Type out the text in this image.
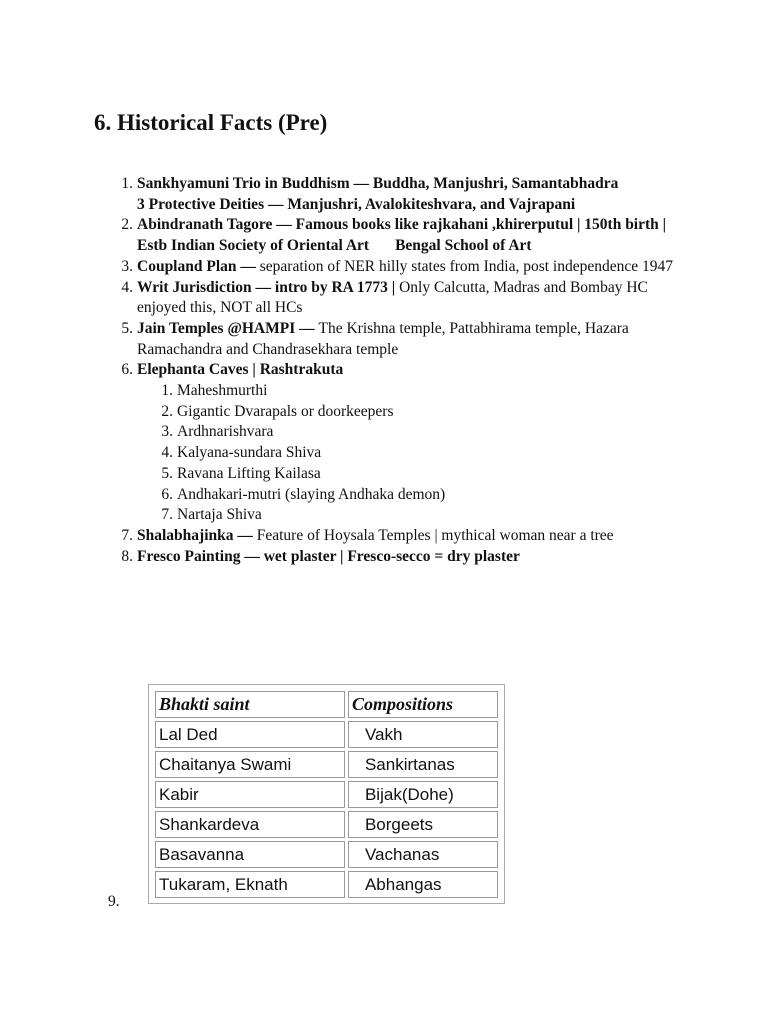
6. Historical Facts (Pre)
1. Sankhyamuni Trio in Buddhism — Buddha, Manjushri, Samantabhadra
3 Protective Deities — Manjushri, Avalokiteshvara, and Vajrapani
2. Abindranath Tagore — Famous books like rajkahani ,khirerputul | 150th birth |
Estb Indian Society of Oriental Art Bengal School of Art
3. Coupland Plan — separation of NER hilly states from India, post independence 1947
4. Writ Jurisdiction — intro by RA 1773 | Only Calcutta, Madras and Bombay HC enjoyed this, NOT all HCs
5. Jain Temples @HAMPI — The Krishna temple, Pattabhirama temple, Hazara Ramachandra and Chandrasekhara temple
6. Elephanta Caves | Rashtrakuta
1. Maheshmurthi
2. Gigantic Dvarapals or doorkeepers
3. Ardhnarishvara
4. Kalyana-sundara Shiva
5. Ravana Lifting Kailasa
6. Andhakari-mutri (slaying Andhaka demon)
7. Nartaja Shiva
7. Shalabhajinka — Feature of Hoysala Temples | mythical woman near a tree
8. Fresco Painting — wet plaster | Fresco-secco = dry plaster
Bhakti saint	Compositions
Lal Ded	Vakh
Chaitanya Swami	Sankirtanas
Kabir	Bijak(Dohe)
Shankardeva	Borgeets
Basavanna	Vachanas
Tukaram, Eknath	Abhangas
9.
